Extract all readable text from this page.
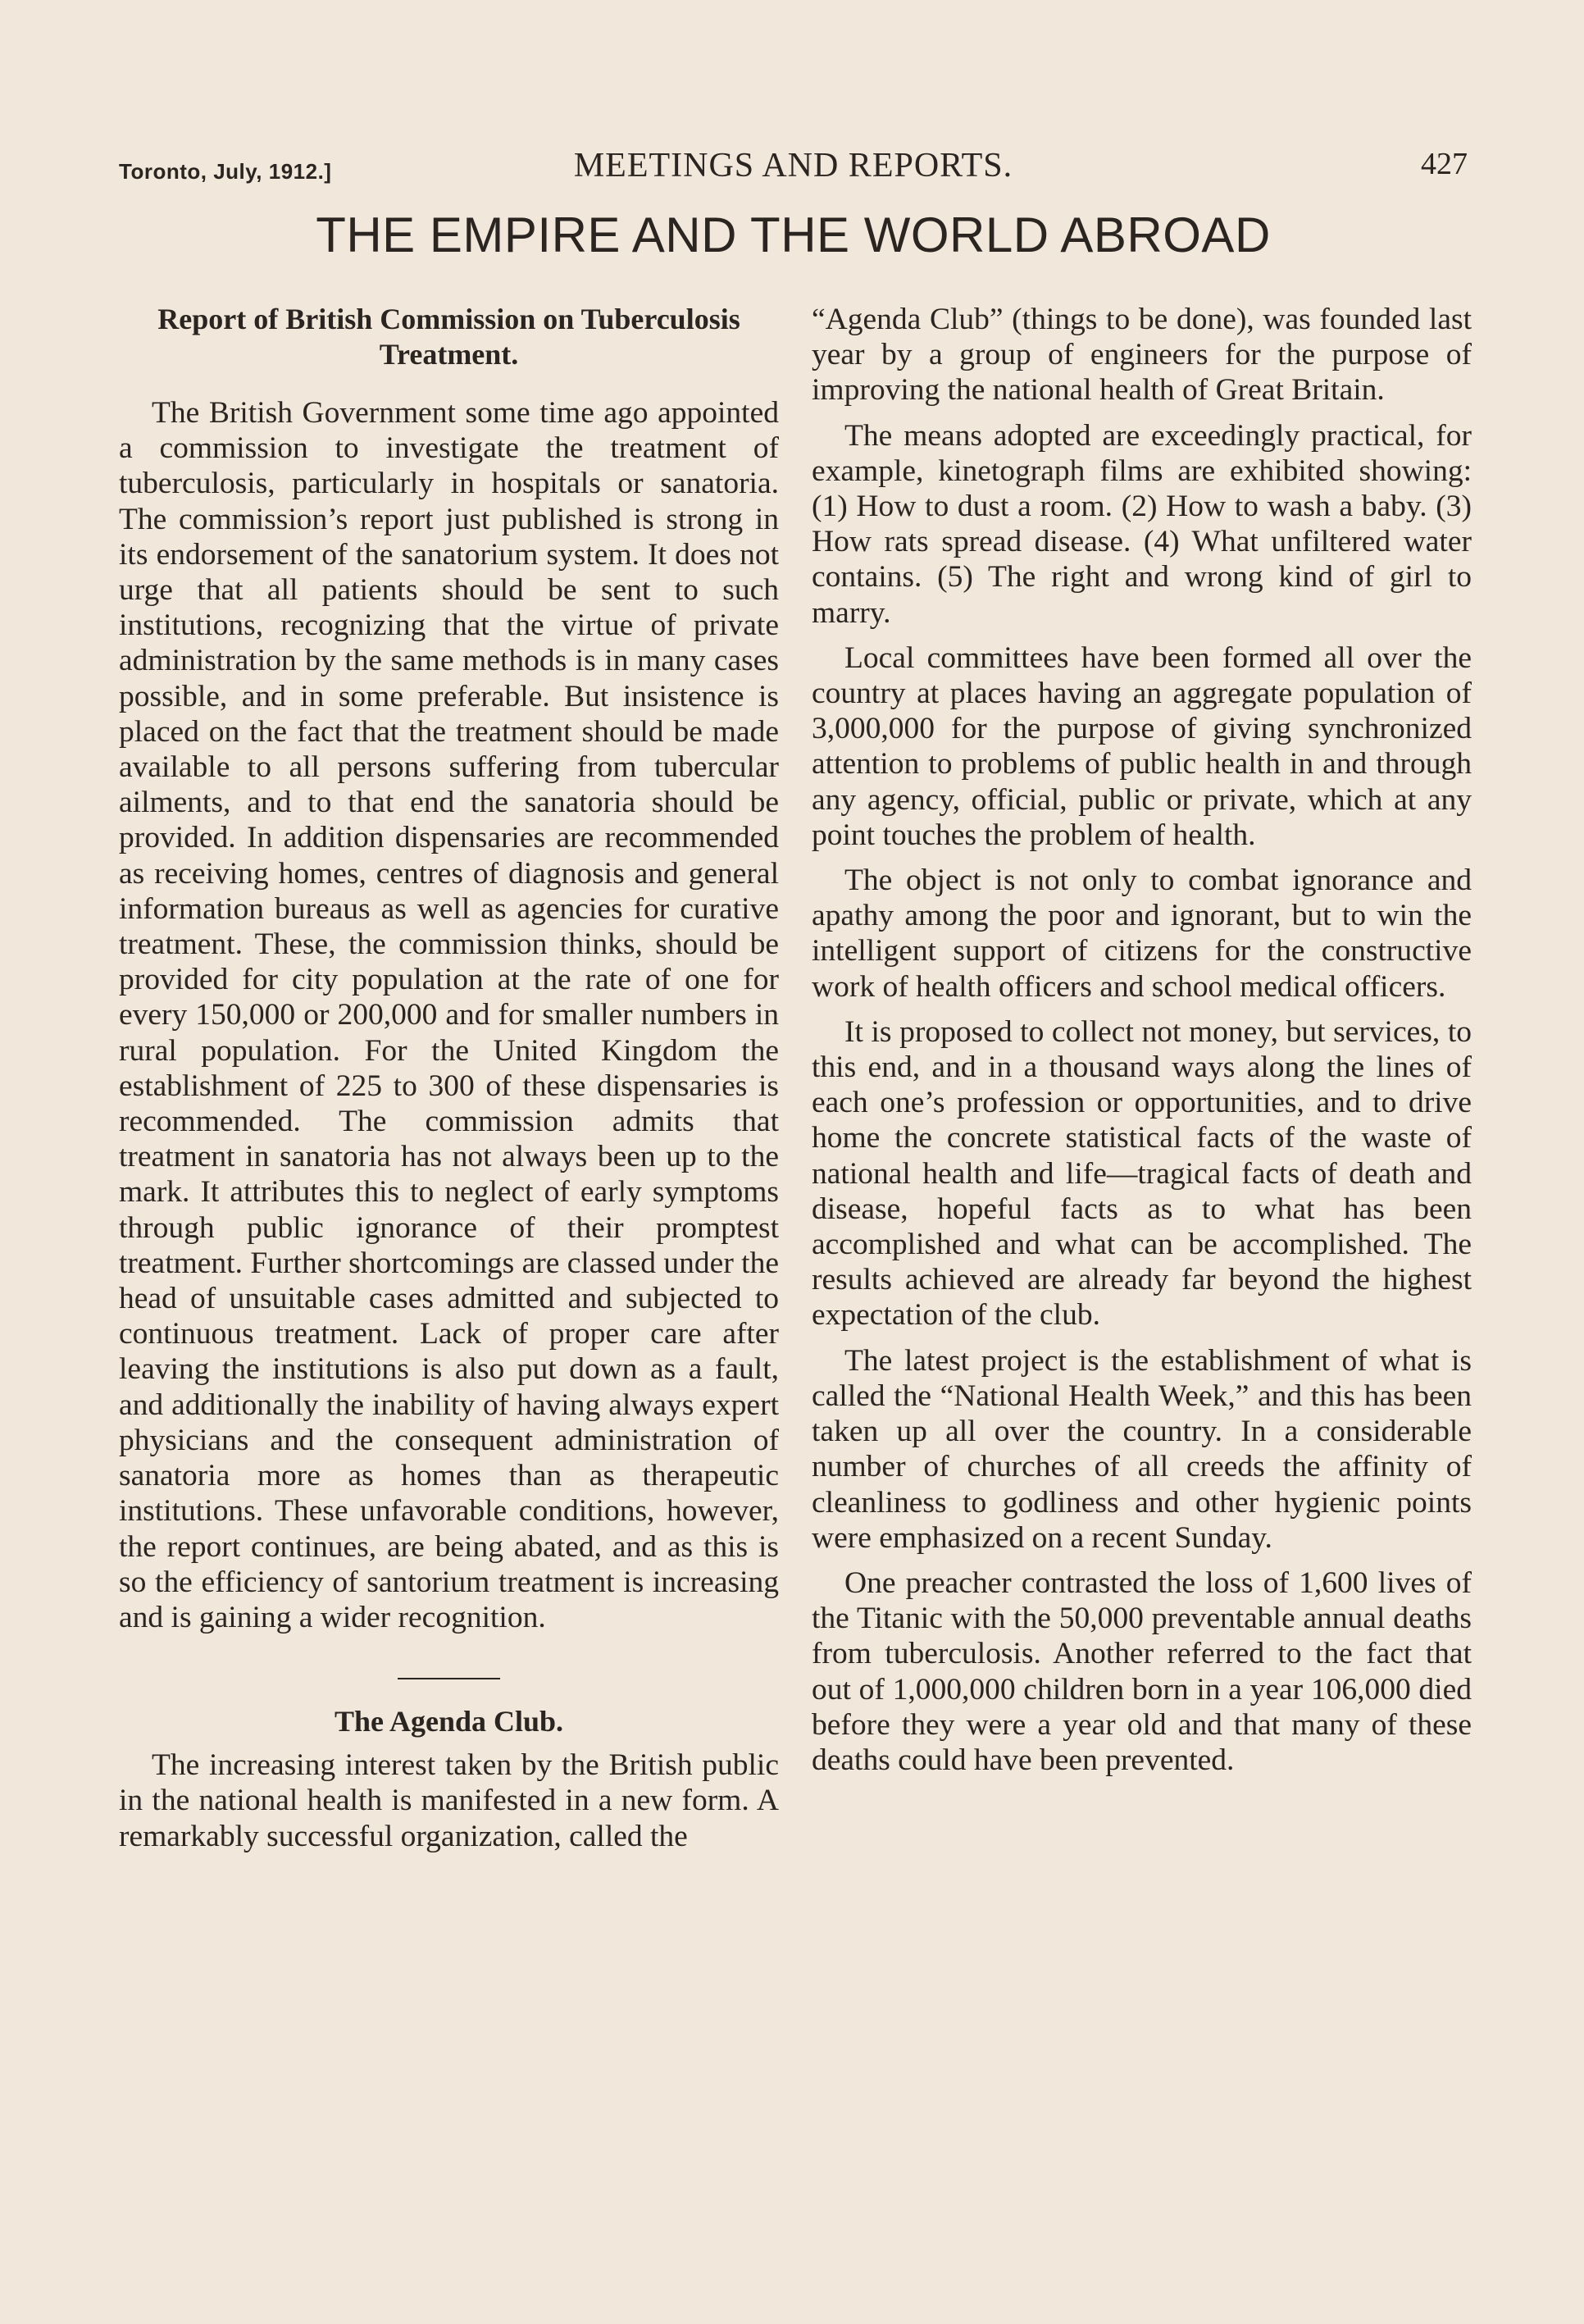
Toronto, July, 1912.]	MEETINGS AND REPORTS.	427
THE EMPIRE AND THE WORLD ABROAD
Report of British Commission on Tuberculosis Treatment.

The British Government some time ago appointed a commission to investigate the treatment of tuberculosis, particularly in hospitals or sanatoria. The commission’s report just published is strong in its endorsement of the sanatorium system. It does not urge that all patients should be sent to such institutions, recognizing that the virtue of private administration by the same methods is in many cases possible, and in some preferable. But insistence is placed on the fact that the treatment should be made available to all persons suffering from tubercular ailments, and to that end the sanatoria should be provided. In addition dispensaries are recommended as receiving homes, centres of diagnosis and general information bureaus as well as agencies for curative treatment. These, the commission thinks, should be provided for city population at the rate of one for every 150,000 or 200,000 and for smaller numbers in rural population. For the United Kingdom the establishment of 225 to 300 of these dispensaries is recommended. The commission admits that treatment in sanatoria has not always been up to the mark. It attributes this to neglect of early symptoms through public ignorance of their promptest treatment. Further shortcomings are classed under the head of unsuitable cases admitted and subjected to continuous treatment. Lack of proper care after leaving the institutions is also put down as a fault, and additionally the inability of having always expert physicians and the consequent administration of sanatoria more as homes than as therapeutic institutions. These unfavorable conditions, however, the report continues, are being abated, and as this is so the efficiency of santorium treatment is increasing and is gaining a wider recognition.

The Agenda Club.

The increasing interest taken by the British public in the national health is manifested in a new form. A remarkably successful organization, called the

“Agenda Club” (things to be done), was founded last year by a group of engineers for the purpose of improving the national health of Great Britain.

The means adopted are exceedingly practical, for example, kinetograph films are exhibited showing: (1) How to dust a room. (2) How to wash a baby. (3) How rats spread disease. (4) What unfiltered water contains. (5) The right and wrong kind of girl to marry.

Local committees have been formed all over the country at places having an aggregate population of 3,000,000 for the purpose of giving synchronized attention to problems of public health in and through any agency, official, public or private, which at any point touches the problem of health.

The object is not only to combat ignorance and apathy among the poor and ignorant, but to win the intelligent support of citizens for the constructive work of health officers and school medical officers.

It is proposed to collect not money, but services, to this end, and in a thousand ways along the lines of each one’s profession or opportunities, and to drive home the concrete statistical facts of the waste of national health and life—tragical facts of death and disease, hopeful facts as to what has been accomplished and what can be accomplished. The results achieved are already far beyond the highest expectation of the club.

The latest project is the establishment of what is called the “National Health Week,” and this has been taken up all over the country. In a considerable number of churches of all creeds the affinity of cleanliness to godliness and other hygienic points were emphasized on a recent Sunday.

One preacher contrasted the loss of 1,600 lives of the Titanic with the 50,000 preventable annual deaths from tuberculosis. Another referred to the fact that out of 1,000,000 children born in a year 106,000 died before they were a year old and that many of these deaths could have been prevented.
